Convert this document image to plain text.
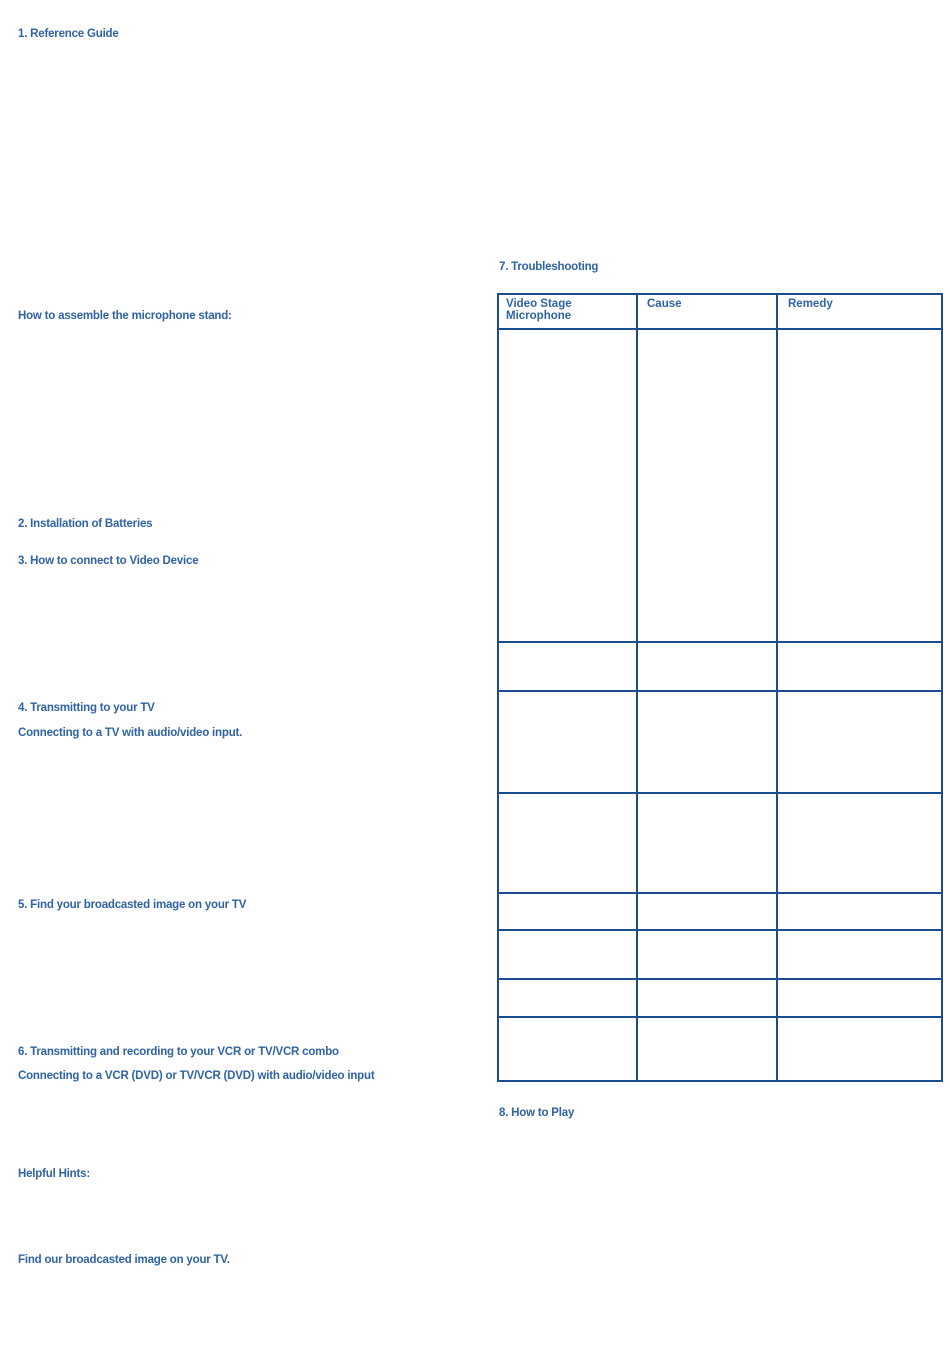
1. Reference Guide
How to assemble the microphone stand:
2. Installation of Batteries
3. How to connect to Video Device
4. Transmitting to your TV
Connecting to a TV with audio/video input.
5. Find your broadcasted image on your TV
6. Transmitting and recording to your VCR or TV/VCR combo
Connecting to a VCR (DVD) or TV/VCR (DVD) with audio/video input
Helpful Hints:
Find our broadcasted image on your TV.
7. Troubleshooting
8. How to Play
Video Stage
Microphone	Cause	Remedy
